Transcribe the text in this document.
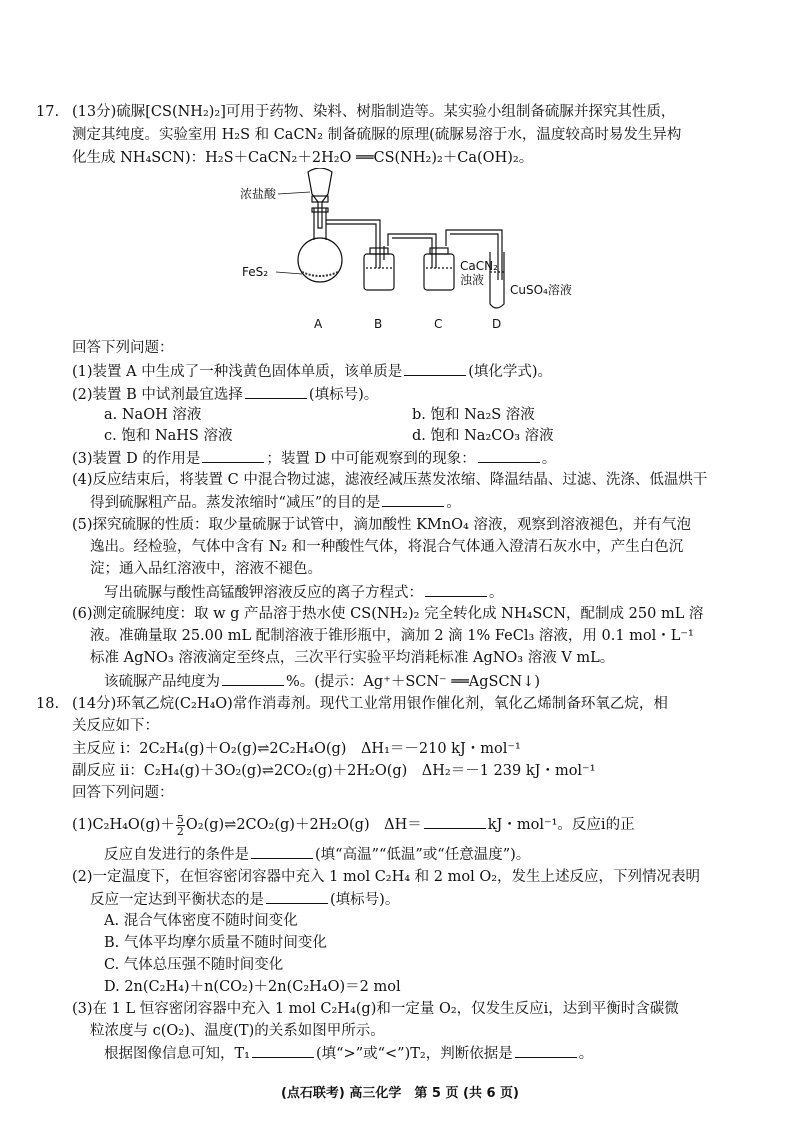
17. (13分)硫脲[CS(NH₂)₂]可用于药物、染料、树脂制造等。某实验小组制备硫脲并探究其性质，
测定其纯度。实验室用 H₂S 和 CaCN₂ 制备硫脲的原理(硫脲易溶于水，温度较高时易发生异构
化生成 NH₄SCN)：H₂S＋CaCN₂＋2H₂O ══CS(NH₂)₂＋Ca(OH)₂。
浓盐酸
FeS₂	CaCN₂
浊液
CuSO₄溶液
A	B	C	D
回答下列问题：
(1)装置 A 中生成了一种浅黄色固体单质，该单质是	(填化学式)。
(2)装置 B 中试剂最宜选择	(填标号)。
a. NaOH 溶液	b. 饱和 Na₂S 溶液
c. 饱和 NaHS 溶液	d. 饱和 Na₂CO₃ 溶液
(3)装置 D 的作用是	；装置 D 中可能观察到的现象：	。
(4)反应结束后，将装置 C 中混合物过滤，滤液经减压蒸发浓缩、降温结晶、过滤、洗涤、低温烘干
得到硫脲粗产品。蒸发浓缩时“减压”的目的是	。
(5)探究硫脲的性质：取少量硫脲于试管中，滴加酸性 KMnO₄ 溶液，观察到溶液褪色，并有气泡
逸出。经检验，气体中含有 N₂ 和一种酸性气体，将混合气体通入澄清石灰水中，产生白色沉
淀；通入品红溶液中，溶液不褪色。
写出硫脲与酸性高锰酸钾溶液反应的离子方程式：	。
(6)测定硫脲纯度：取 w g 产品溶于热水使 CS(NH₂)₂ 完全转化成 NH₄SCN，配制成 250 mL 溶
液。准确量取 25.00 mL 配制溶液于锥形瓶中，滴加 2 滴 1% FeCl₃ 溶液，用 0.1 mol・L⁻¹
标准 AgNO₃ 溶液滴定至终点，三次平行实验平均消耗标准 AgNO₃ 溶液 V mL。
该硫脲产品纯度为	%。(提示：Ag⁺＋SCN⁻ ══AgSCN↓)
18. (14分)环氧乙烷(C₂H₄O)常作消毒剂。现代工业常用银作催化剂，氧化乙烯制备环氧乙烷，相
关反应如下：
主反应 ⅰ：2C₂H₄(g)＋O₂(g)⇌2C₂H₄O(g)　ΔH₁＝－210 kJ・mol⁻¹
副反应 ⅱ：C₂H₄(g)＋3O₂(g)⇌2CO₂(g)＋2H₂O(g)　ΔH₂＝－1 239 kJ・mol⁻¹
回答下列问题：
$(1)C_2H_4O(g)+ \frac{5}{2}$ O₂(g)⇌2CO₂(g)＋2H₂O(g)　ΔH＝	kJ・mol⁻¹。反应ⅰ的正
反应自发进行的条件是	(填“高温”“低温”或“任意温度”)。
(2)一定温度下，在恒容密闭容器中充入 1 mol C₂H₄ 和 2 mol O₂，发生上述反应，下列情况表明
反应一定达到平衡状态的是	(填标号)。
A. 混合气体密度不随时间变化
B. 气体平均摩尔质量不随时间变化
C. 气体总压强不随时间变化
D. 2n(C₂H₄)＋n(CO₂)＋2n(C₂H₄O)＝2 mol
(3)在 1 L 恒容密闭容器中充入 1 mol C₂H₄(g)和一定量 O₂，仅发生反应ⅰ，达到平衡时含碳微
粒浓度与 c(O₂)、温度(T)的关系如图甲所示。
根据图像信息可知，T₁	(填“>”或“<”)T₂，判断依据是	。
(点石联考) 高三化学　第 5 页 (共 6 页)
